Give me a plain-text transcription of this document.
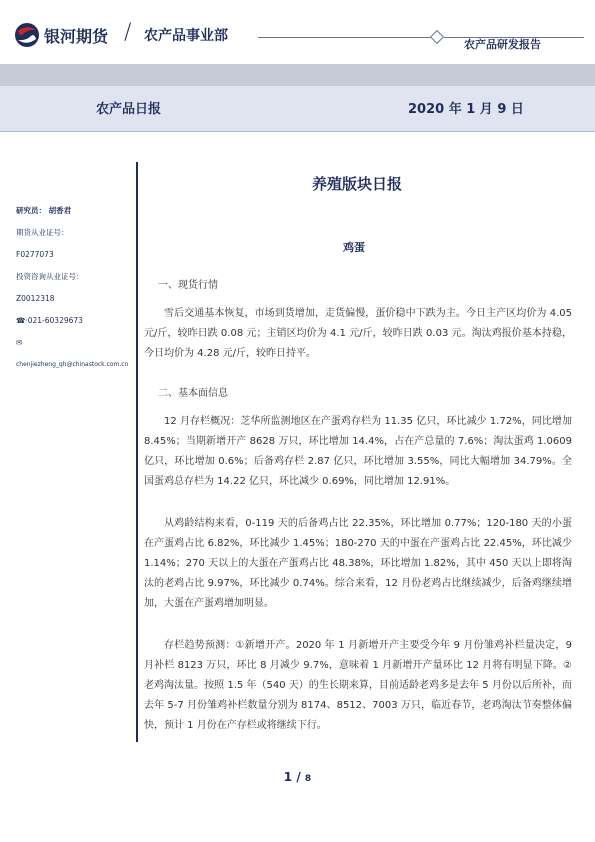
银河期货 / 农产品事业部
农产品研发报告
农产品日报	2020 年 1 月 9 日
研究员： 胡香君
期货从业证号：
F0277073
投资咨询从业证号：
Z0012318
☎·021-60329673
✉
chenjiezheng_qh@chinastock.com.cn
养殖版块日报
鸡蛋
一、现货行情
雪后交通基本恢复，市场到货增加，走货偏慢，蛋价稳中下跌为主。今日主产区均价为 4.05 元/斤，较昨日跌 0.08 元；主销区均价为 4.1 元/斤，较昨日跌 0.03 元。淘汰鸡报价基本持稳，今日均价为 4.28 元/斤，较昨日持平。
二、基本面信息
12 月存栏概况：芝华所监测地区在产蛋鸡存栏为 11.35 亿只，环比减少 1.72%，同比增加 8.45%；当期新增开产 8628 万只，环比增加 14.4%，占在产总量的 7.6%；淘汰蛋鸡 1.0609 亿只，环比增加 0.6%；后备鸡存栏 2.87 亿只，环比增加 3.55%，同比大幅增加 34.79%。全国蛋鸡总存栏为 14.22 亿只，环比减少 0.69%，同比增加 12.91%。
从鸡龄结构来看，0-119 天的后备鸡占比 22.35%，环比增加 0.77%；120-180 天的小蛋在产蛋鸡占比 6.82%，环比减少 1.45%；180-270 天的中蛋在产蛋鸡占比 22.45%，环比减少 1.14%；270 天以上的大蛋在产蛋鸡占比 48.38%，环比增加 1.82%，其中 450 天以上即将淘汰的老鸡占比 9.97%，环比减少 0.74%。综合来看，12 月份老鸡占比继续减少，后备鸡继续增加，大蛋在产蛋鸡增加明显。
存栏趋势预测：①新增开产。2020 年 1 月新增开产主要受今年 9 月份雏鸡补栏量决定，9 月补栏 8123 万只，环比 8 月减少 9.7%，意味着 1 月新增开产量环比 12 月将有明显下降。②老鸡淘汰量。按照 1.5 年（540 天）的生长期来算，目前适龄老鸡多是去年 5 月份以后所补，而去年 5-7 月份雏鸡补栏数量分别为 8174、8512、7003 万只，临近春节，老鸡淘汰节奏整体偏快，预计 1 月份在产存栏或将继续下行。
1 / 8
